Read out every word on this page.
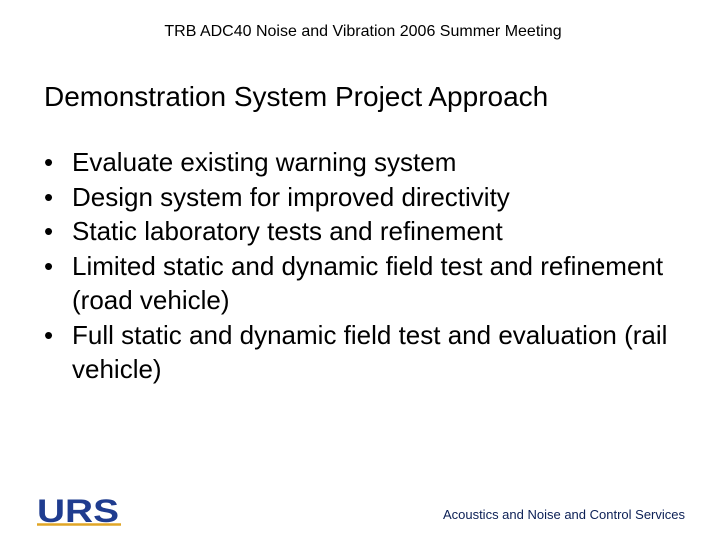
TRB ADC40 Noise and Vibration 2006 Summer Meeting
Demonstration System Project Approach
• Evaluate existing warning system
• Design system for improved directivity
• Static laboratory tests and refinement
• Limited static and dynamic field test and refinement (road vehicle)
• Full static and dynamic field test and evaluation (rail vehicle)
URS	Acoustics and Noise and Control Services
